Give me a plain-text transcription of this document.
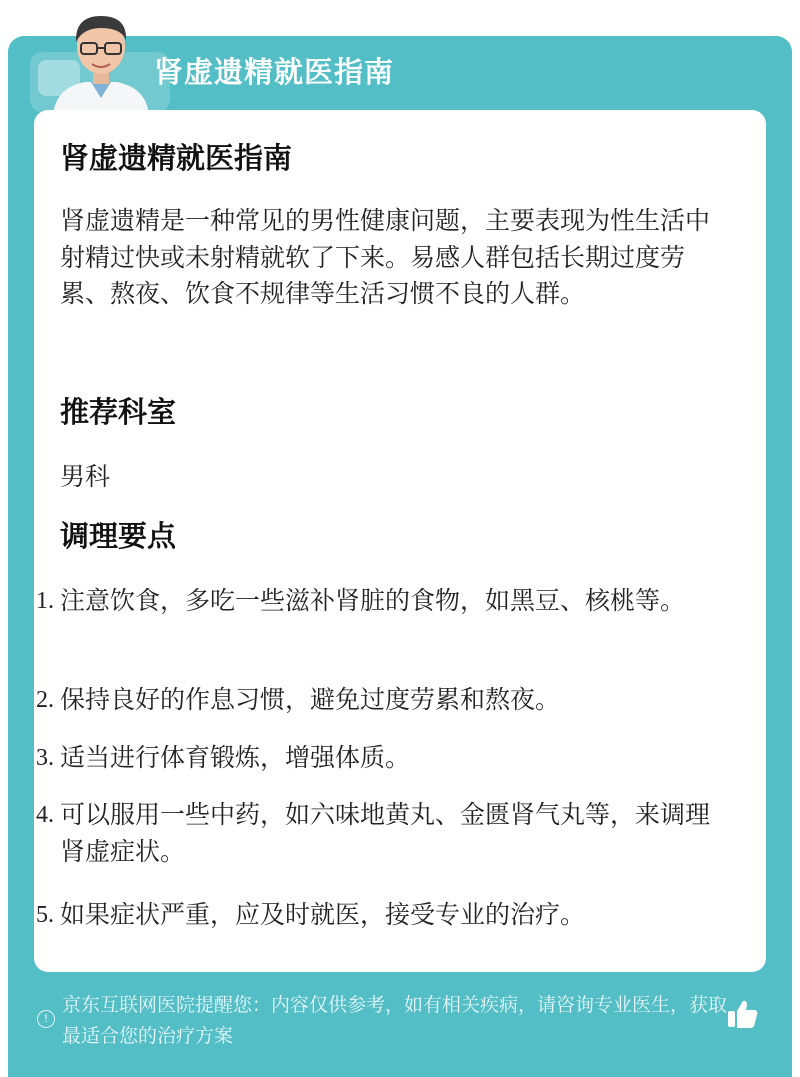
肾虚遗精就医指南
肾虚遗精就医指南

肾虚遗精是一种常见的男性健康问题，主要表现为性生活中射精过快或未射精就软了下来。易感人群包括长期过度劳累、熬夜、饮食不规律等生活习惯不良的人群。

推荐科室

男科

调理要点
1. 注意饮食，多吃一些滋补肾脏的食物，如黑豆、核桃等。
2. 保持良好的作息习惯，避免过度劳累和熬夜。
3. 适当进行体育锻炼，增强体质。
4. 可以服用一些中药，如六味地黄丸、金匮肾气丸等，来调理肾虚症状。
5. 如果症状严重，应及时就医，接受专业的治疗。
!
京东互联网医院提醒您：内容仅供参考，如有相关疾病，请咨询专业医生，获取最适合您的治疗方案
